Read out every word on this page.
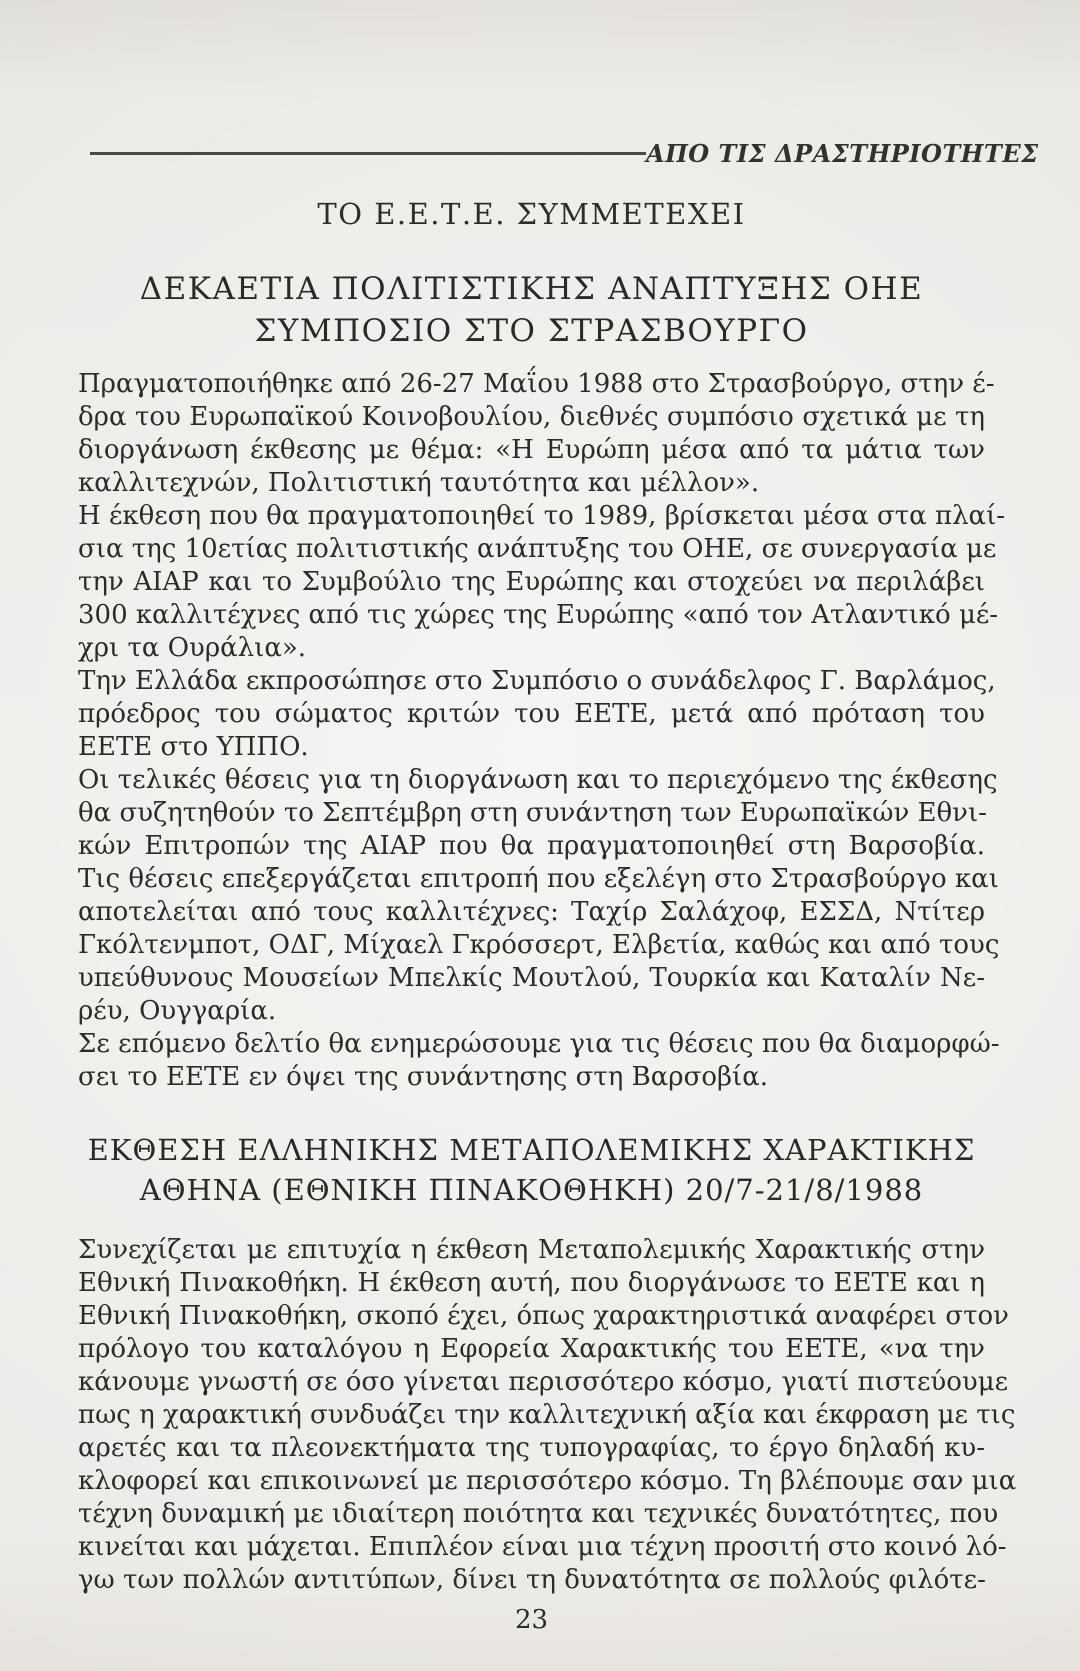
ΑΠΟ ΤΙΣ ΔΡΑΣΤΗΡΙΟΤΗΤΕΣ
ΤΟ Ε.Ε.Τ.Ε. ΣΥΜΜΕΤΕΧΕΙ
ΔΕΚΑΕΤΙΑ ΠΟΛΙΤΙΣΤΙΚΗΣ ΑΝΑΠΤΥΞΗΣ ΟΗΕ
ΣΥΜΠΟΣΙΟ ΣΤΟ ΣΤΡΑΣΒΟΥΡΓΟ
Πραγματοποιήθηκε από 26-27 Μαΐου 1988 στο Στρασβούργο, στην έ-
δρα του Ευρωπαϊκού Κοινοβουλίου, διεθνές συμπόσιο σχετικά με τη
διοργάνωση έκθεσης με θέμα: «Η Ευρώπη μέσα από τα μάτια των
καλλιτεχνών, Πολιτιστική ταυτότητα και μέλλον».
Η έκθεση που θα πραγματοποιηθεί το 1989, βρίσκεται μέσα στα πλαί-
σια της 10ετίας πολιτιστικής ανάπτυξης του ΟΗΕ, σε συνεργασία με
την AIAP και το Συμβούλιο της Ευρώπης και στοχεύει να περιλάβει
300 καλλιτέχνες από τις χώρες της Ευρώπης «από τον Ατλαντικό μέ-
χρι τα Ουράλια».
Την Ελλάδα εκπροσώπησε στο Συμπόσιο ο συνάδελφος Γ. Βαρλάμος,
πρόεδρος του σώματος κριτών του ΕΕΤΕ, μετά από πρόταση του
ΕΕΤΕ στο ΥΠΠΟ.
Οι τελικές θέσεις για τη διοργάνωση και το περιεχόμενο της έκθεσης
θα συζητηθούν το Σεπτέμβρη στη συνάντηση των Ευρωπαϊκών Εθνι-
κών Επιτροπών της AIAP που θα πραγματοποιηθεί στη Βαρσοβία.
Τις θέσεις επεξεργάζεται επιτροπή που εξελέγη στο Στρασβούργο και
αποτελείται από τους καλλιτέχνες: Ταχίρ Σαλάχοφ, ΕΣΣΔ, Ντίτερ
Γκόλτενμποτ, ΟΔΓ, Μίχαελ Γκρόσσερτ, Ελβετία, καθώς και από τους
υπεύθυνους Μουσείων Μπελκίς Μουτλού, Τουρκία και Καταλίν Νε-
ρέυ, Ουγγαρία.
Σε επόμενο δελτίο θα ενημερώσουμε για τις θέσεις που θα διαμορφώ-
σει το ΕΕΤΕ εν όψει της συνάντησης στη Βαρσοβία.
ΕΚΘΕΣΗ ΕΛΛΗΝΙΚΗΣ ΜΕΤΑΠΟΛΕΜΙΚΗΣ ΧΑΡΑΚΤΙΚΗΣ
ΑΘΗΝΑ (ΕΘΝΙΚΗ ΠΙΝΑΚΟΘΗΚΗ) 20/7-21/8/1988
Συνεχίζεται με επιτυχία η έκθεση Μεταπολεμικής Χαρακτικής στην
Εθνική Πινακοθήκη. Η έκθεση αυτή, που διοργάνωσε το ΕΕΤΕ και η
Εθνική Πινακοθήκη, σκοπό έχει, όπως χαρακτηριστικά αναφέρει στον
πρόλογο του καταλόγου η Εφορεία Χαρακτικής του ΕΕΤΕ, «να την
κάνουμε γνωστή σε όσο γίνεται περισσότερο κόσμο, γιατί πιστεύουμε
πως η χαρακτική συνδυάζει την καλλιτεχνική αξία και έκφραση με τις
αρετές και τα πλεονεκτήματα της τυπογραφίας, το έργο δηλαδή κυ-
κλοφορεί και επικοινωνεί με περισσότερο κόσμο. Τη βλέπουμε σαν μια
τέχνη δυναμική με ιδιαίτερη ποιότητα και τεχνικές δυνατότητες, που
κινείται και μάχεται. Επιπλέον είναι μια τέχνη προσιτή στο κοινό λό-
γω των πολλών αντιτύπων, δίνει τη δυνατότητα σε πολλούς φιλότε-
23
